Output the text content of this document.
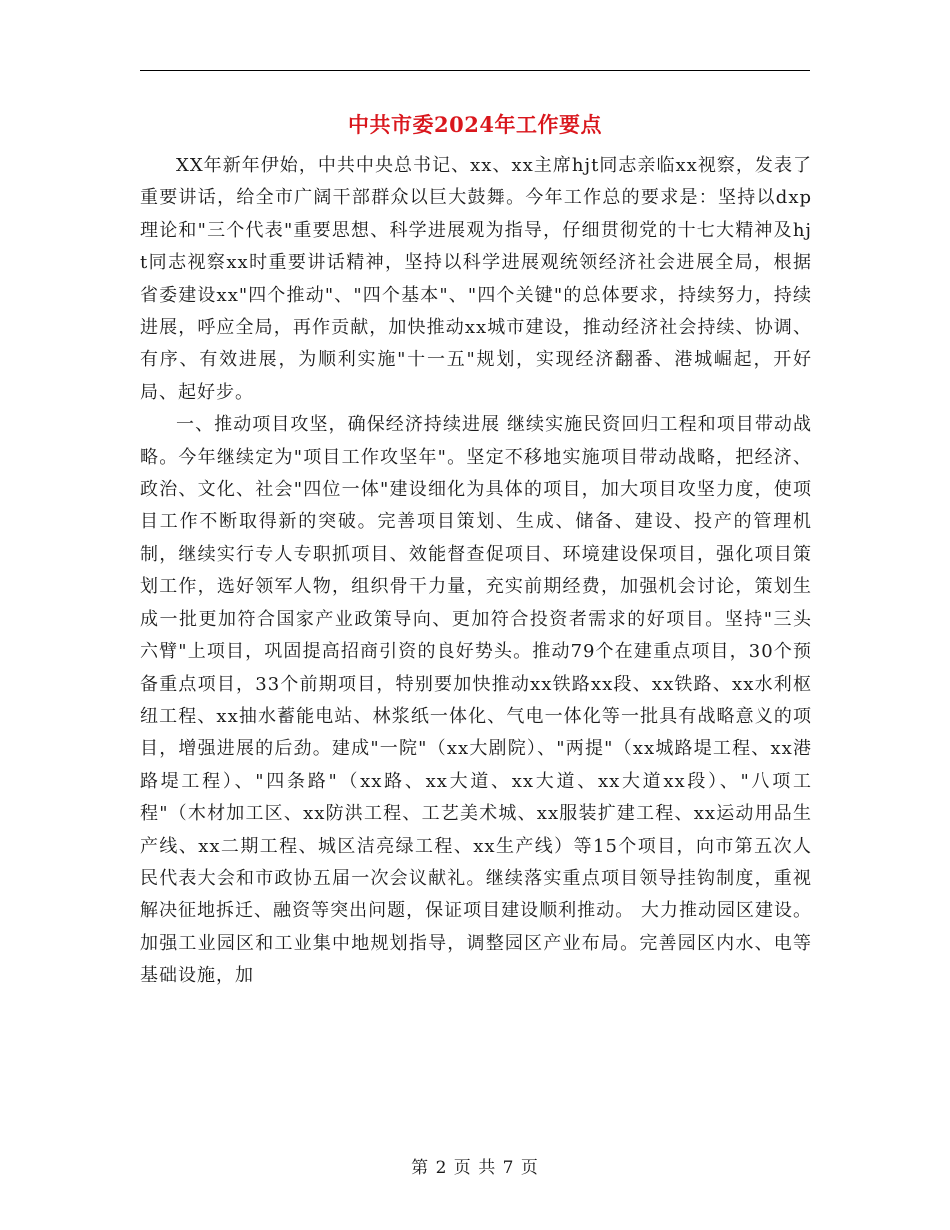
中共市委2024年工作要点

XX年新年伊始，中共中央总书记、xx、xx主席hjt同志亲临xx视察，发表了重要讲话，给全市广阔干部群众以巨大鼓舞。今年工作总的要求是：坚持以dxp理论和"三个代表"重要思想、科学进展观为指导，仔细贯彻党的十七大精神及hjt同志视察xx时重要讲话精神，坚持以科学进展观统领经济社会进展全局，根据省委建设xx"四个推动"、"四个基本"、"四个关键"的总体要求，持续努力，持续进展，呼应全局，再作贡献，加快推动xx城市建设，推动经济社会持续、协调、有序、有效进展，为顺利实施"十一五"规划，实现经济翻番、港城崛起，开好局、起好步。

一、推动项目攻坚，确保经济持续进展 继续实施民资回归工程和项目带动战略。今年继续定为"项目工作攻坚年"。坚定不移地实施项目带动战略，把经济、政治、文化、社会"四位一体"建设细化为具体的项目，加大项目攻坚力度，使项目工作不断取得新的突破。完善项目策划、生成、储备、建设、投产的管理机制，继续实行专人专职抓项目、效能督查促项目、环境建设保项目，强化项目策划工作，选好领军人物，组织骨干力量，充实前期经费，加强机会讨论，策划生成一批更加符合国家产业政策导向、更加符合投资者需求的好项目。坚持"三头六臂"上项目，巩固提高招商引资的良好势头。推动79个在建重点项目，30个预备重点项目，33个前期项目，特别要加快推动xx铁路xx段、xx铁路、xx水利枢纽工程、xx抽水蓄能电站、林浆纸一体化、气电一体化等一批具有战略意义的项目，增强进展的后劲。建成"一院"（xx大剧院）、"两提"（xx城路堤工程、xx港路堤工程）、"四条路"（xx路、xx大道、xx大道、xx大道xx段）、"八项工程"（木材加工区、xx防洪工程、工艺美术城、xx服装扩建工程、xx运动用品生产线、xx二期工程、城区洁亮绿工程、xx生产线）等15个项目，向市第五次人民代表大会和市政协五届一次会议献礼。继续落实重点项目领导挂钩制度，重视解决征地拆迁、融资等突出问题，保证项目建设顺利推动。 大力推动园区建设。加强工业园区和工业集中地规划指导，调整园区产业布局。完善园区内水、电等基础设施，加

第 2 页 共 7 页
